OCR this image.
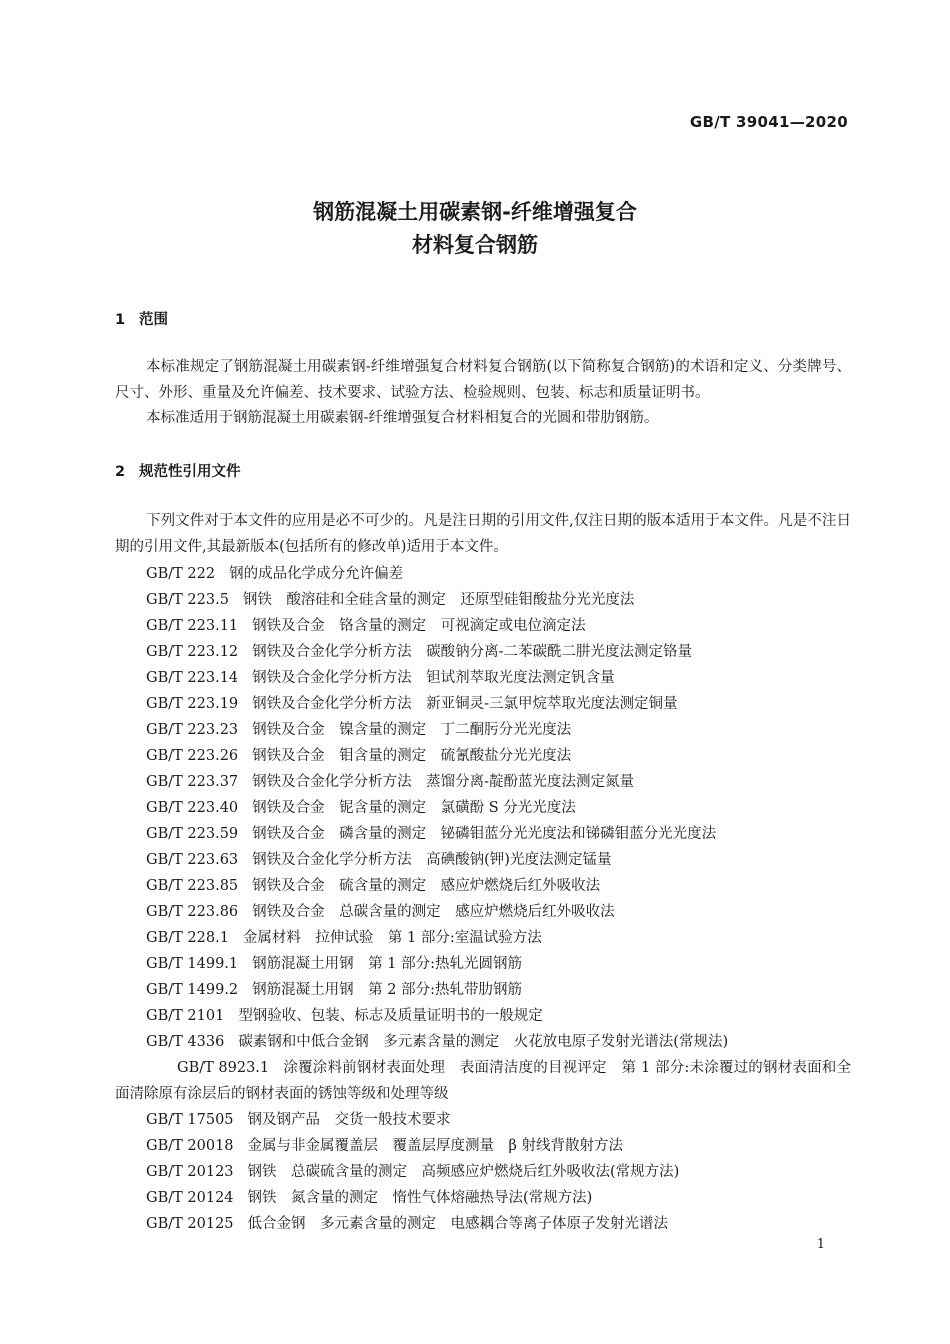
GB/T 39041—2020
钢筋混凝土用碳素钢-纤维增强复合
材料复合钢筋
1 范围
本标准规定了钢筋混凝土用碳素钢-纤维增强复合材料复合钢筋(以下简称复合钢筋)的术语和定义、分类牌号、尺寸、外形、重量及允许偏差、技术要求、试验方法、检验规则、包装、标志和质量证明书。
本标准适用于钢筋混凝土用碳素钢-纤维增强复合材料相复合的光圆和带肋钢筋。
2 规范性引用文件
下列文件对于本文件的应用是必不可少的。凡是注日期的引用文件,仅注日期的版本适用于本文件。凡是不注日期的引用文件,其最新版本(包括所有的修改单)适用于本文件。
GB/T 222 钢的成品化学成分允许偏差
GB/T 223.5 钢铁　酸溶硅和全硅含量的测定　还原型硅钼酸盐分光光度法
GB/T 223.11 钢铁及合金　铬含量的测定　可视滴定或电位滴定法
GB/T 223.12 钢铁及合金化学分析方法　碳酸钠分离-二苯碳酰二肼光度法测定铬量
GB/T 223.14 钢铁及合金化学分析方法　钽试剂萃取光度法测定钒含量
GB/T 223.19 钢铁及合金化学分析方法　新亚铜灵-三氯甲烷萃取光度法测定铜量
GB/T 223.23 钢铁及合金　镍含量的测定　丁二酮肟分光光度法
GB/T 223.26 钢铁及合金　钼含量的测定　硫氰酸盐分光光度法
GB/T 223.37 钢铁及合金化学分析方法　蒸馏分离-靛酚蓝光度法测定氮量
GB/T 223.40 钢铁及合金　铌含量的测定　氯磺酚 S 分光光度法
GB/T 223.59 钢铁及合金　磷含量的测定　铋磷钼蓝分光光度法和锑磷钼蓝分光光度法
GB/T 223.63 钢铁及合金化学分析方法　高碘酸钠(钾)光度法测定锰量
GB/T 223.85 钢铁及合金　硫含量的测定　感应炉燃烧后红外吸收法
GB/T 223.86 钢铁及合金　总碳含量的测定　感应炉燃烧后红外吸收法
GB/T 228.1 金属材料　拉伸试验　第 1 部分:室温试验方法
GB/T 1499.1 钢筋混凝土用钢　第 1 部分:热轧光圆钢筋
GB/T 1499.2 钢筋混凝土用钢　第 2 部分:热轧带肋钢筋
GB/T 2101 型钢验收、包装、标志及质量证明书的一般规定
GB/T 4336 碳素钢和中低合金钢　多元素含量的测定　火花放电原子发射光谱法(常规法)
GB/T 8923.1 涂覆涂料前钢材表面处理　表面清洁度的目视评定　第 1 部分:未涂覆过的钢材表面和全面清除原有涂层后的钢材表面的锈蚀等级和处理等级
GB/T 17505 钢及钢产品　交货一般技术要求
GB/T 20018 金属与非金属覆盖层　覆盖层厚度测量　β 射线背散射方法
GB/T 20123 钢铁　总碳硫含量的测定　高频感应炉燃烧后红外吸收法(常规方法)
GB/T 20124 钢铁　氮含量的测定　惰性气体熔融热导法(常规方法)
GB/T 20125 低合金钢　多元素含量的测定　电感耦合等离子体原子发射光谱法
1
